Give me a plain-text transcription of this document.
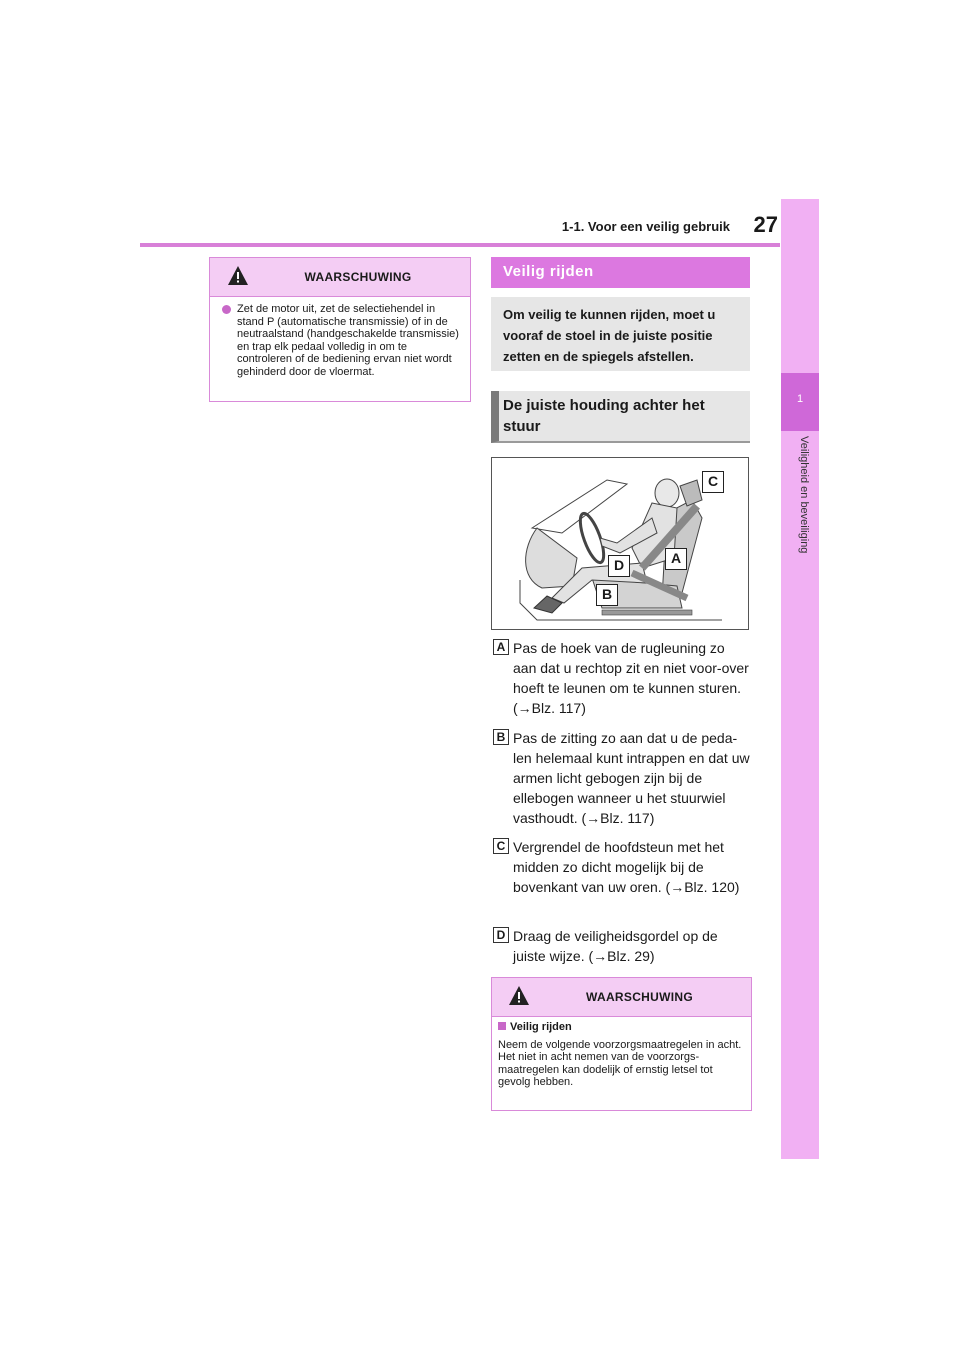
1-1. Voor een veilig gebruik	27
1
Veiligheid en beveiliging
WAARSCHUWING
Zet de motor uit, zet de selectiehendel in stand P (automatische transmissie) of in de neutraalstand (handgeschakelde transmissie) en trap elk pedaal volledig in om te controleren of de bediening ervan niet wordt gehinderd door de vloermat.
Veilig rijden
Om veilig te kunnen rijden, moet u vooraf de stoel in de juiste positie zetten en de spiegels afstellen.
De juiste houding achter het stuur
C
A
D
B
A Pas de hoek van de rugleuning zo aan dat u rechtop zit en niet voor-over hoeft te leunen om te kunnen sturen. (→Blz. 117)
B Pas de zitting zo aan dat u de peda-len helemaal kunt intrappen en dat uw armen licht gebogen zijn bij de ellebogen wanneer u het stuurwiel vasthoudt. (→Blz. 117)
C Vergrendel de hoofdsteun met het midden zo dicht mogelijk bij de bovenkant van uw oren. (→Blz. 120)
D Draag de veiligheidsgordel op de juiste wijze. (→Blz. 29)
WAARSCHUWING
Veilig rijden
Neem de volgende voorzorgsmaatregelen in acht.
Het niet in acht nemen van de voorzorgs-maatregelen kan dodelijk of ernstig letsel tot gevolg hebben.
